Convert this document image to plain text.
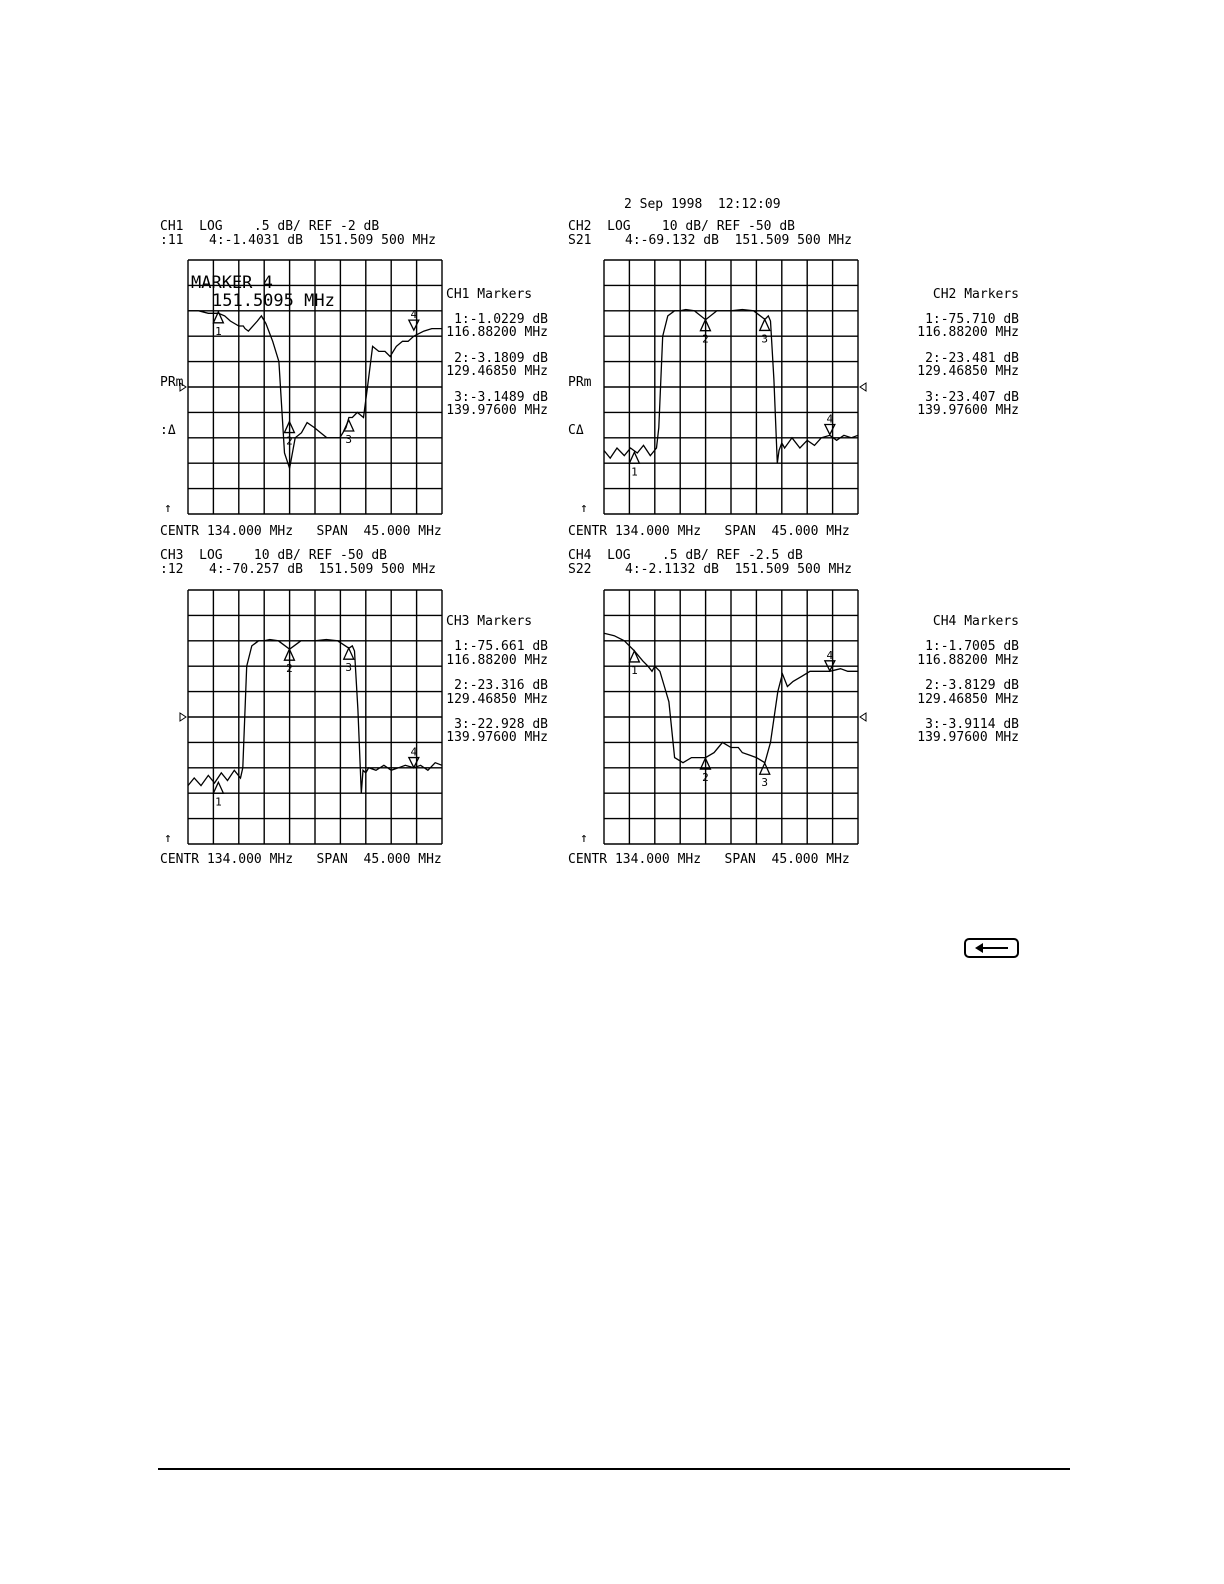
2 Sep 1998  12:12:09
CH1  LOG    .5 dB/ REF -2 dB
:11 4:-1.4031 dB  151.509 500 MHz
PRm
:Δ
CENTR 134.000 MHz   SPAN  45.000 MHz
MARKER 4
151.5095 MHz	CH1 Markers
1:-1.0229 dB
116.88200 MHz
2:-3.1809 dB
129.46850 MHz
3:-3.1489 dB
139.97600 MHz
↑
1
2	3
4
CH2  LOG    10 dB/ REF -50 dB
S21	4:-69.132 dB  151.509 500 MHz
PRm
CΔ
CENTR 134.000 MHz   SPAN  45.000 MHz
CH2 Markers
1:-75.710 dB
116.88200 MHz
2:-23.481 dB
129.46850 MHz
3:-23.407 dB
139.97600 MHz
↑
1
2	3
4
CH3  LOG    10 dB/ REF -50 dB
:12 4:-70.257 dB  151.509 500 MHz
CENTR 134.000 MHz   SPAN  45.000 MHz
CH3 Markers
1:-75.661 dB
116.88200 MHz
2:-23.316 dB
129.46850 MHz
3:-22.928 dB
139.97600 MHz
↑
1
2	3
4
CH4  LOG    .5 dB/ REF -2.5 dB
S22	4:-2.1132 dB  151.509 500 MHz
CENTR 134.000 MHz   SPAN  45.000 MHz
CH4 Markers
1:-1.7005 dB
116.88200 MHz
2:-3.8129 dB
129.46850 MHz
3:-3.9114 dB
139.97600 MHz
↑
1
2	3
4
